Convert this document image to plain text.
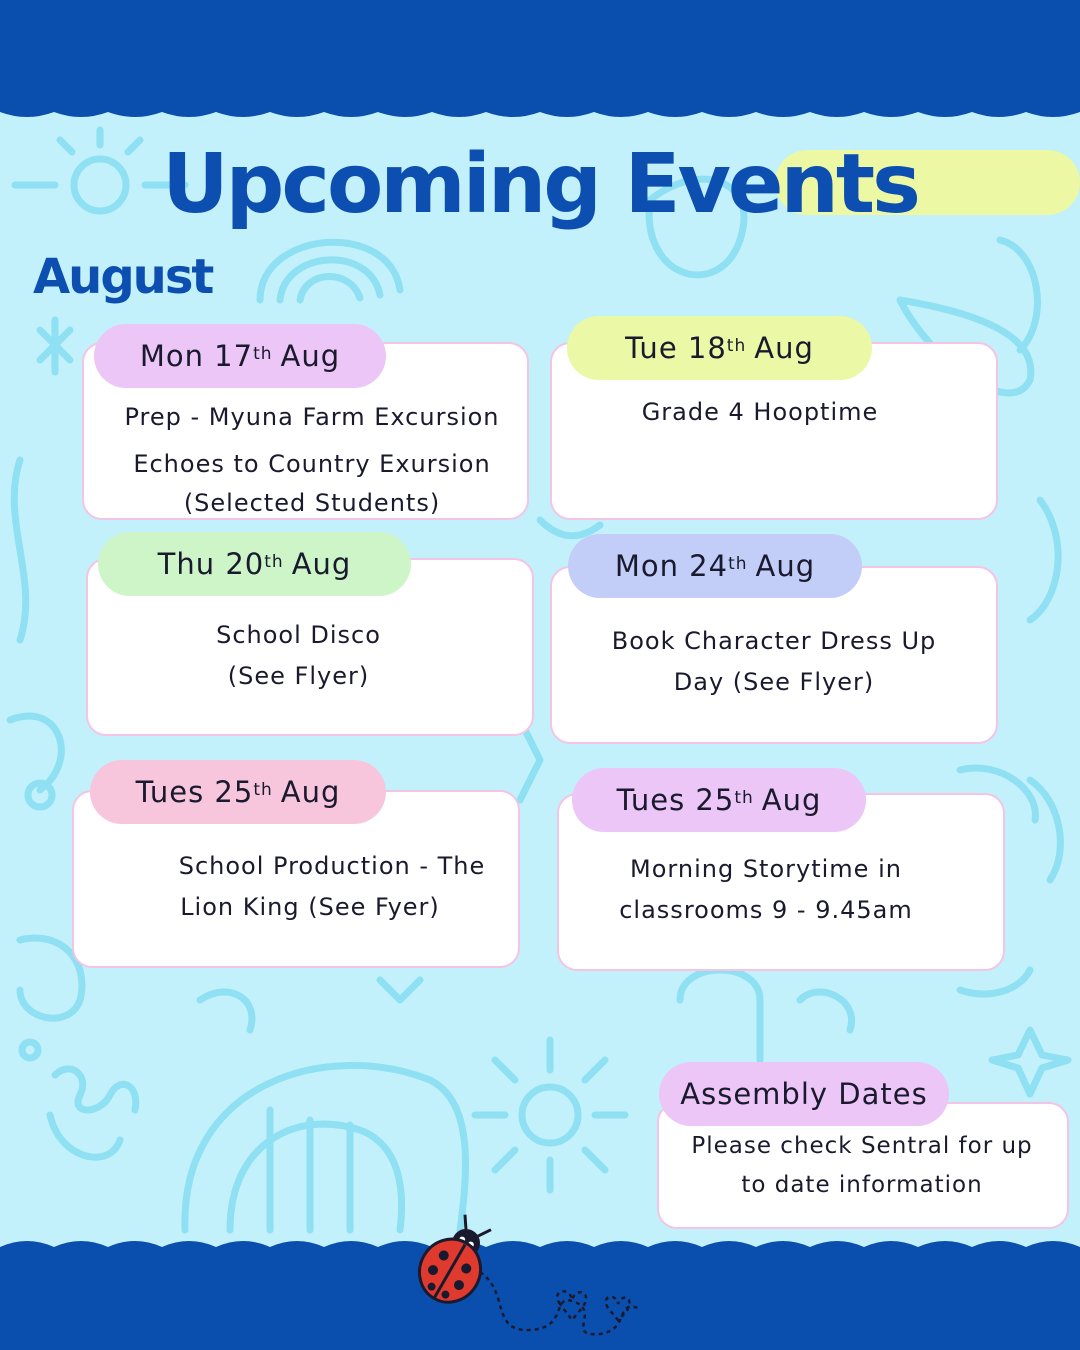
Upcoming Events
August
Mon 17th Aug
Prep - Myuna Farm Excursion
Echoes to Country Exursion
(Selected Students)
Tue 18th Aug
Grade 4 Hooptime
Thu 20th Aug
School Disco
(See Flyer)
Mon 24th Aug
Book Character Dress Up
Day (See Flyer)
Tues 25th Aug
School Production - The
Lion King (See Fyer)
Tues 25th Aug
Morning Storytime in
classrooms 9 - 9.45am
Assembly Dates
Please check Sentral for up
to date information
